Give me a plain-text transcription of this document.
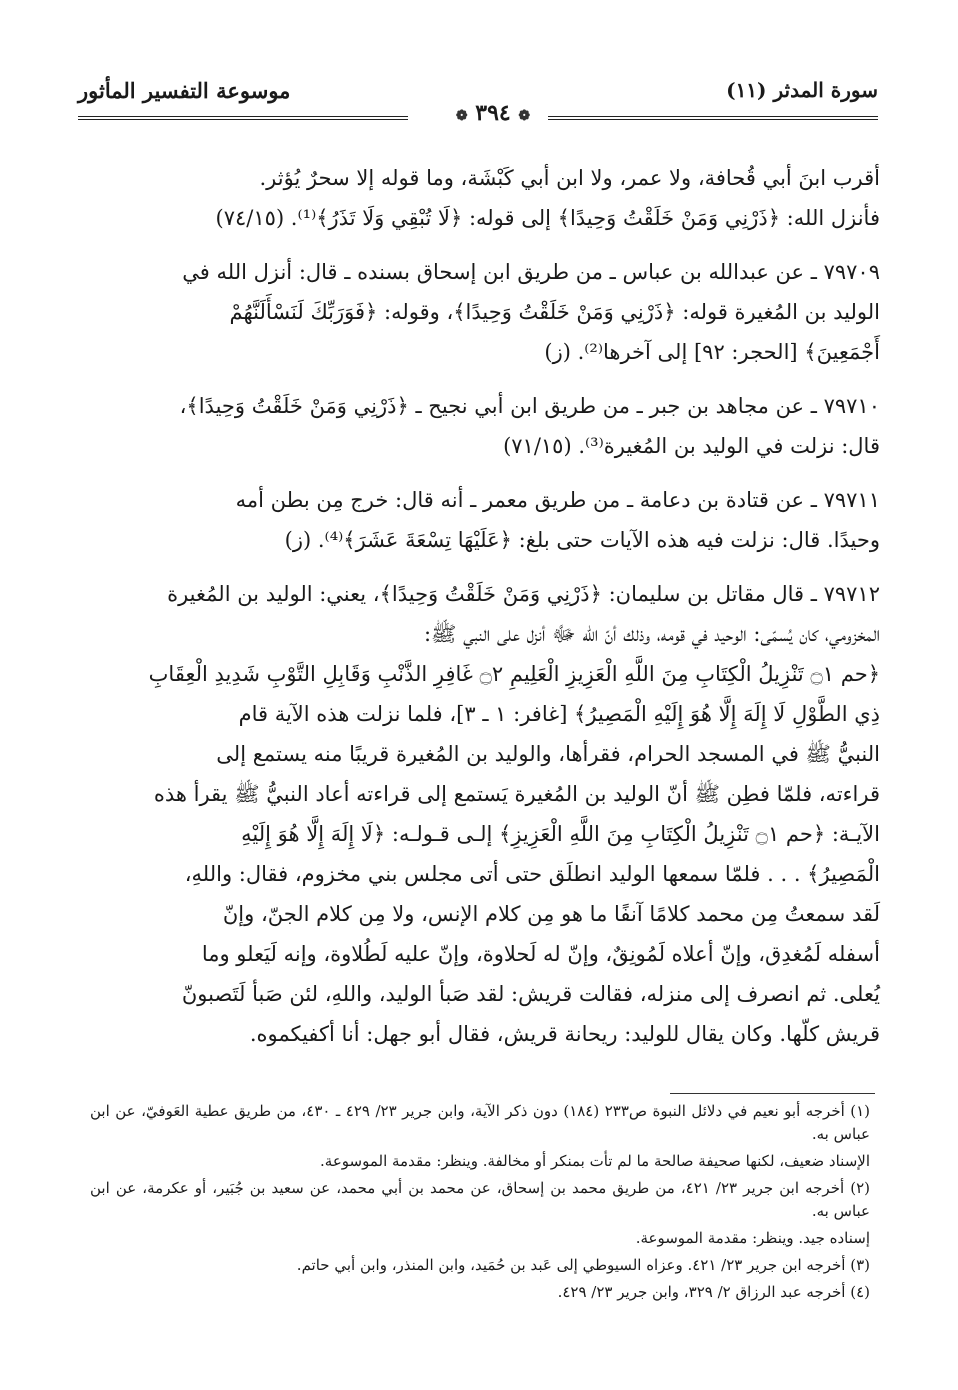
موسوعة التفسير المأثور	سورة المدثر (١١)
❁ ٣٩٤ ❁

أقرب ابنَ أبي قُحافة، ولا عمر، ولا ابن أبي كَبْشَة، وما قوله إلا سحرٌ يُؤثر.

فأنزل الله: ﴿ذَرْنِي وَمَنْ خَلَقْتُ وَحِيدًا﴾ إلى قوله: ﴿لَا تُبْقِي وَلَا تَذَرُ﴾⁽¹⁾. (٧٤/١٥)

٧٩٧٠٩ ـ عن عبدالله بن عباس ـ من طريق ابن إسحاق بسنده ـ قال: أنزل الله في

الوليد بن المُغيرة قوله: ﴿ذَرْنِي وَمَنْ خَلَقْتُ وَحِيدًا﴾، وقوله: ﴿فَوَرَبِّكَ لَنَسْأَلَنَّهُمْ

أَجْمَعِينَ﴾ [الحجر: ٩٢] إلى آخرها⁽²⁾. (ز)

٧٩٧١٠ ـ عن مجاهد بن جبر ـ من طريق ابن أبي نجيح ـ ﴿ذَرْنِي وَمَنْ خَلَقْتُ وَحِيدًا﴾،

قال: نزلت في الوليد بن المُغيرة⁽³⁾. (٧١/١٥)

٧٩٧١١ ـ عن قتادة بن دعامة ـ من طريق معمر ـ أنه قال: خرج مِن بطن أمه

وحيدًا. قال: نزلت فيه هذه الآيات حتى بلغ: ﴿عَلَيْهَا تِسْعَةَ عَشَرَ﴾⁽⁴⁾. (ز)

٧٩٧١٢ ـ قال مقاتل بن سليمان: ﴿ذَرْنِي وَمَنْ خَلَقْتُ وَحِيدًا﴾، يعني: الوليد بن المُغيرة

المخزومي، كان يُسمّى: الوحيد في قومه، وذلك أنّ الله ﷻ أنزل على النبي ﷺ:

﴿حم ۝١ تَنْزِيلُ الْكِتَابِ مِنَ اللَّهِ الْعَزِيزِ الْعَلِيمِ ۝٢ غَافِرِ الذَّنْبِ وَقَابِلِ التَّوْبِ شَدِيدِ الْعِقَابِ

ذِي الطَّوْلِ لَا إِلَهَ إِلَّا هُوَ إِلَيْهِ الْمَصِيرُ﴾ [غافر: ١ ـ ٣]، فلما نزلت هذه الآية قام

النبيُّ ﷺ في المسجد الحرام، فقرأها، والوليد بن المُغيرة قريبًا منه يستمع إلى

قراءته، فلمّا فطِن ﷺ أنّ الوليد بن المُغيرة يَستمع إلى قراءته أعاد النبيُّ ﷺ يقرأ هذه

الآيـة: ﴿حم ۝١ تَنْزِيلُ الْكِتَابِ مِنَ اللَّهِ الْعَزِيزِ﴾ إلـى قـولـه: ﴿لَا إِلَهَ إِلَّا هُوَ إِلَيْهِ

الْمَصِيرُ﴾ . . . فلمّا سمعها الوليد انطلَق حتى أتى مجلس بني مخزوم، فقال: واللهِ،

لَقد سمعتُ مِن محمد كلامًا آنفًا ما هو مِن كلام الإنس، ولا مِن كلام الجنّ، وإنّ

أسفله لَمُغدِق، وإنّ أعلاه لَمُونِقٌ، وإنّ له لَحلاوة، وإنّ عليه لَطُلاوة، وإنه لَيَعلو وما

يُعلى. ثم انصرف إلى منزله، فقالت قريش: لقد صَبأ الوليد، واللهِ، لئن صَبأ لَتَصبونّ

قريش كلّها. وكان يقال للوليد: ريحانة قريش، فقال أبو جهل: أنا أكفيكموه.

(١) أخرجه أبو نعيم في دلائل النبوة ص٢٣٣ (١٨٤) دون ذكر الآية، وابن جرير ٢٣/ ٤٢٩ ـ ٤٣٠، من طريق عطية العَوفيّ، عن ابن عباس به.

الإسناد ضعيف، لكنها صحيفة صالحة ما لم تأت بمنكر أو مخالفة. وينظر: مقدمة الموسوعة.

(٢) أخرجه ابن جرير ٢٣/ ٤٢١، من طريق محمد بن إسحاق، عن محمد بن أبي محمد، عن سعيد بن جُبَير، أو عكرمة، عن ابن عباس به.

إسناده جيد. وينظر: مقدمة الموسوعة.

(٣) أخرجه ابن جرير ٢٣/ ٤٢١. وعزاه السيوطي إلى عَبد بن حُمَيد، وابن المنذر، وابن أبي حاتم.

(٤) أخرجه عبد الرزاق ٢/ ٣٢٩، وابن جرير ٢٣/ ٤٢٩.
